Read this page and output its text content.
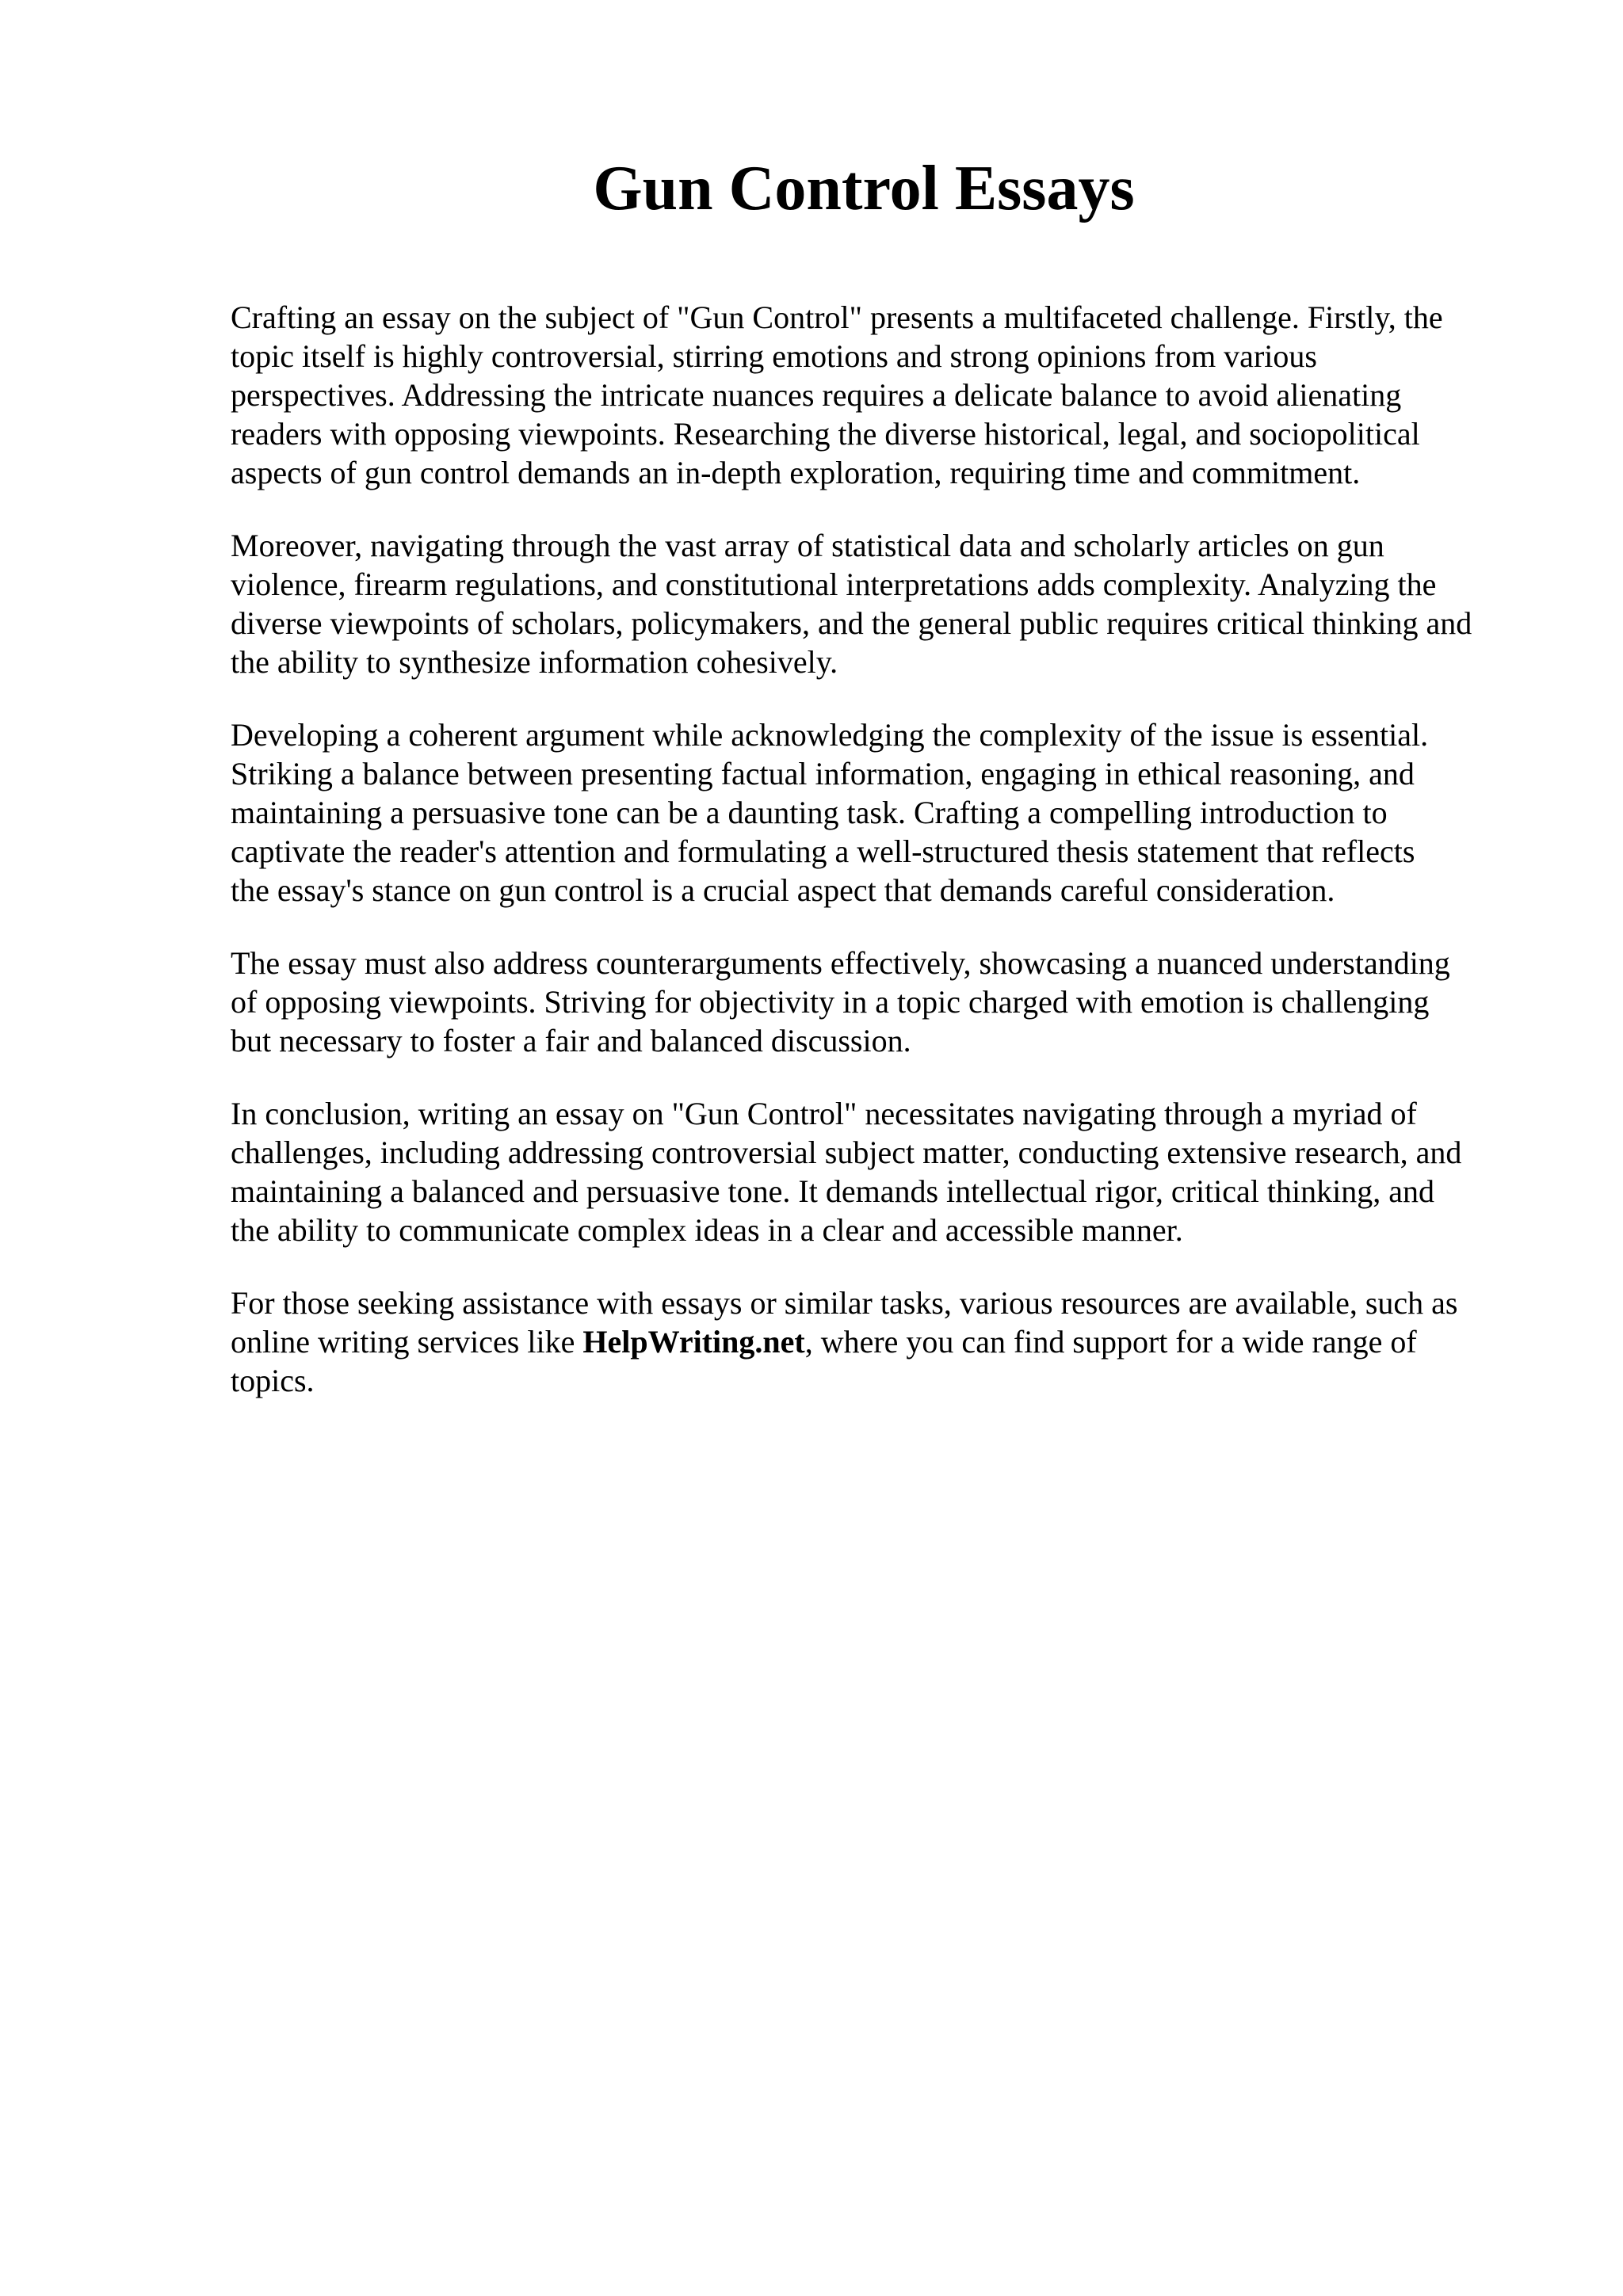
Gun Control Essays

Crafting an essay on the subject of "Gun Control" presents a multifaceted challenge. Firstly, the
topic itself is highly controversial, stirring emotions and strong opinions from various
perspectives. Addressing the intricate nuances requires a delicate balance to avoid alienating
readers with opposing viewpoints. Researching the diverse historical, legal, and sociopolitical
aspects of gun control demands an in-depth exploration, requiring time and commitment.

Moreover, navigating through the vast array of statistical data and scholarly articles on gun
violence, firearm regulations, and constitutional interpretations adds complexity. Analyzing the
diverse viewpoints of scholars, policymakers, and the general public requires critical thinking and
the ability to synthesize information cohesively.

Developing a coherent argument while acknowledging the complexity of the issue is essential.
Striking a balance between presenting factual information, engaging in ethical reasoning, and
maintaining a persuasive tone can be a daunting task. Crafting a compelling introduction to
captivate the reader's attention and formulating a well-structured thesis statement that reflects
the essay's stance on gun control is a crucial aspect that demands careful consideration.

The essay must also address counterarguments effectively, showcasing a nuanced understanding
of opposing viewpoints. Striving for objectivity in a topic charged with emotion is challenging
but necessary to foster a fair and balanced discussion.

In conclusion, writing an essay on "Gun Control" necessitates navigating through a myriad of
challenges, including addressing controversial subject matter, conducting extensive research, and
maintaining a balanced and persuasive tone. It demands intellectual rigor, critical thinking, and
the ability to communicate complex ideas in a clear and accessible manner.

For those seeking assistance with essays or similar tasks, various resources are available, such as
online writing services like HelpWriting.net, where you can find support for a wide range of
topics.
